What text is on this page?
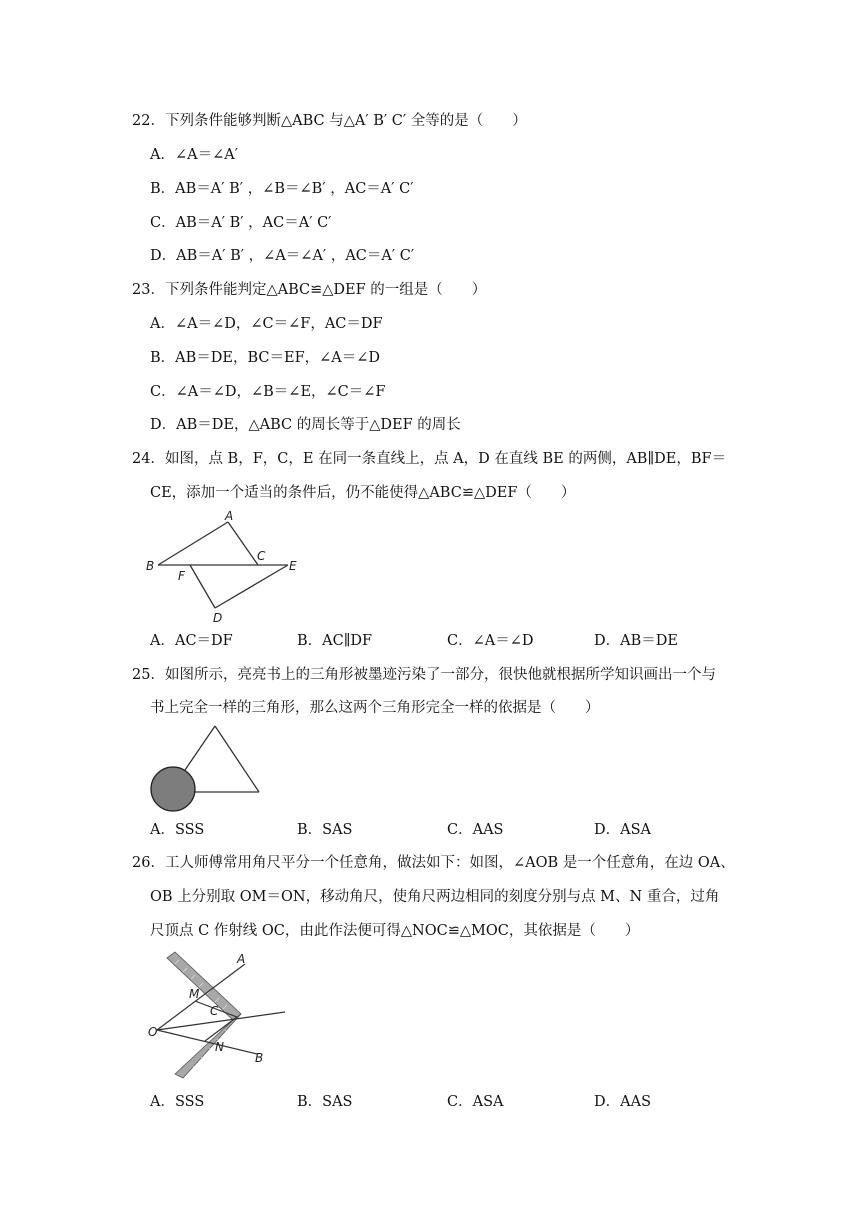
22．下列条件能够判断△ABC 与△A′ B′ C′ 全等的是（　　）
A．∠A＝∠A′
B．AB＝A′ B′ ，∠B＝∠B′ ，AC＝A′ C′
C．AB＝A′ B′ ，AC＝A′ C′
D．AB＝A′ B′ ，∠A＝∠A′ ，AC＝A′ C′
23．下列条件能判定△ABC≌△DEF 的一组是（　　）
A．∠A＝∠D，∠C＝∠F，AC＝DF
B．AB＝DE，BC＝EF，∠A＝∠D
C．∠A＝∠D，∠B＝∠E，∠C＝∠F
D．AB＝DE，△ABC 的周长等于△DEF 的周长
24．如图，点 B，F，C，E 在同一条直线上，点 A，D 在直线 BE 的两侧，AB∥DE，BF＝
CE，添加一个适当的条件后，仍不能使得△ABC≌△DEF（　　）
A
B
C
E
F
D
A．AC＝DF	B．AC∥DF	C．∠A＝∠D	D．AB＝DE
25．如图所示，亮亮书上的三角形被墨迹污染了一部分，很快他就根据所学知识画出一个与
书上完全一样的三角形，那么这两个三角形完全一样的依据是（　　）
A．SSS	B．SAS	C．AAS	D．ASA
26．工人师傅常用角尺平分一个任意角，做法如下：如图，∠AOB 是一个任意角，在边 OA、
OB 上分别取 OM＝ON，移动角尺，使角尺两边相同的刻度分别与点 M、N 重合，过角
尺顶点 C 作射线 OC，由此作法便可得△NOC≌△MOC，其依据是（　　）
A
M
C
O
N
B
A．SSS	B．SAS	C．ASA	D．AAS
